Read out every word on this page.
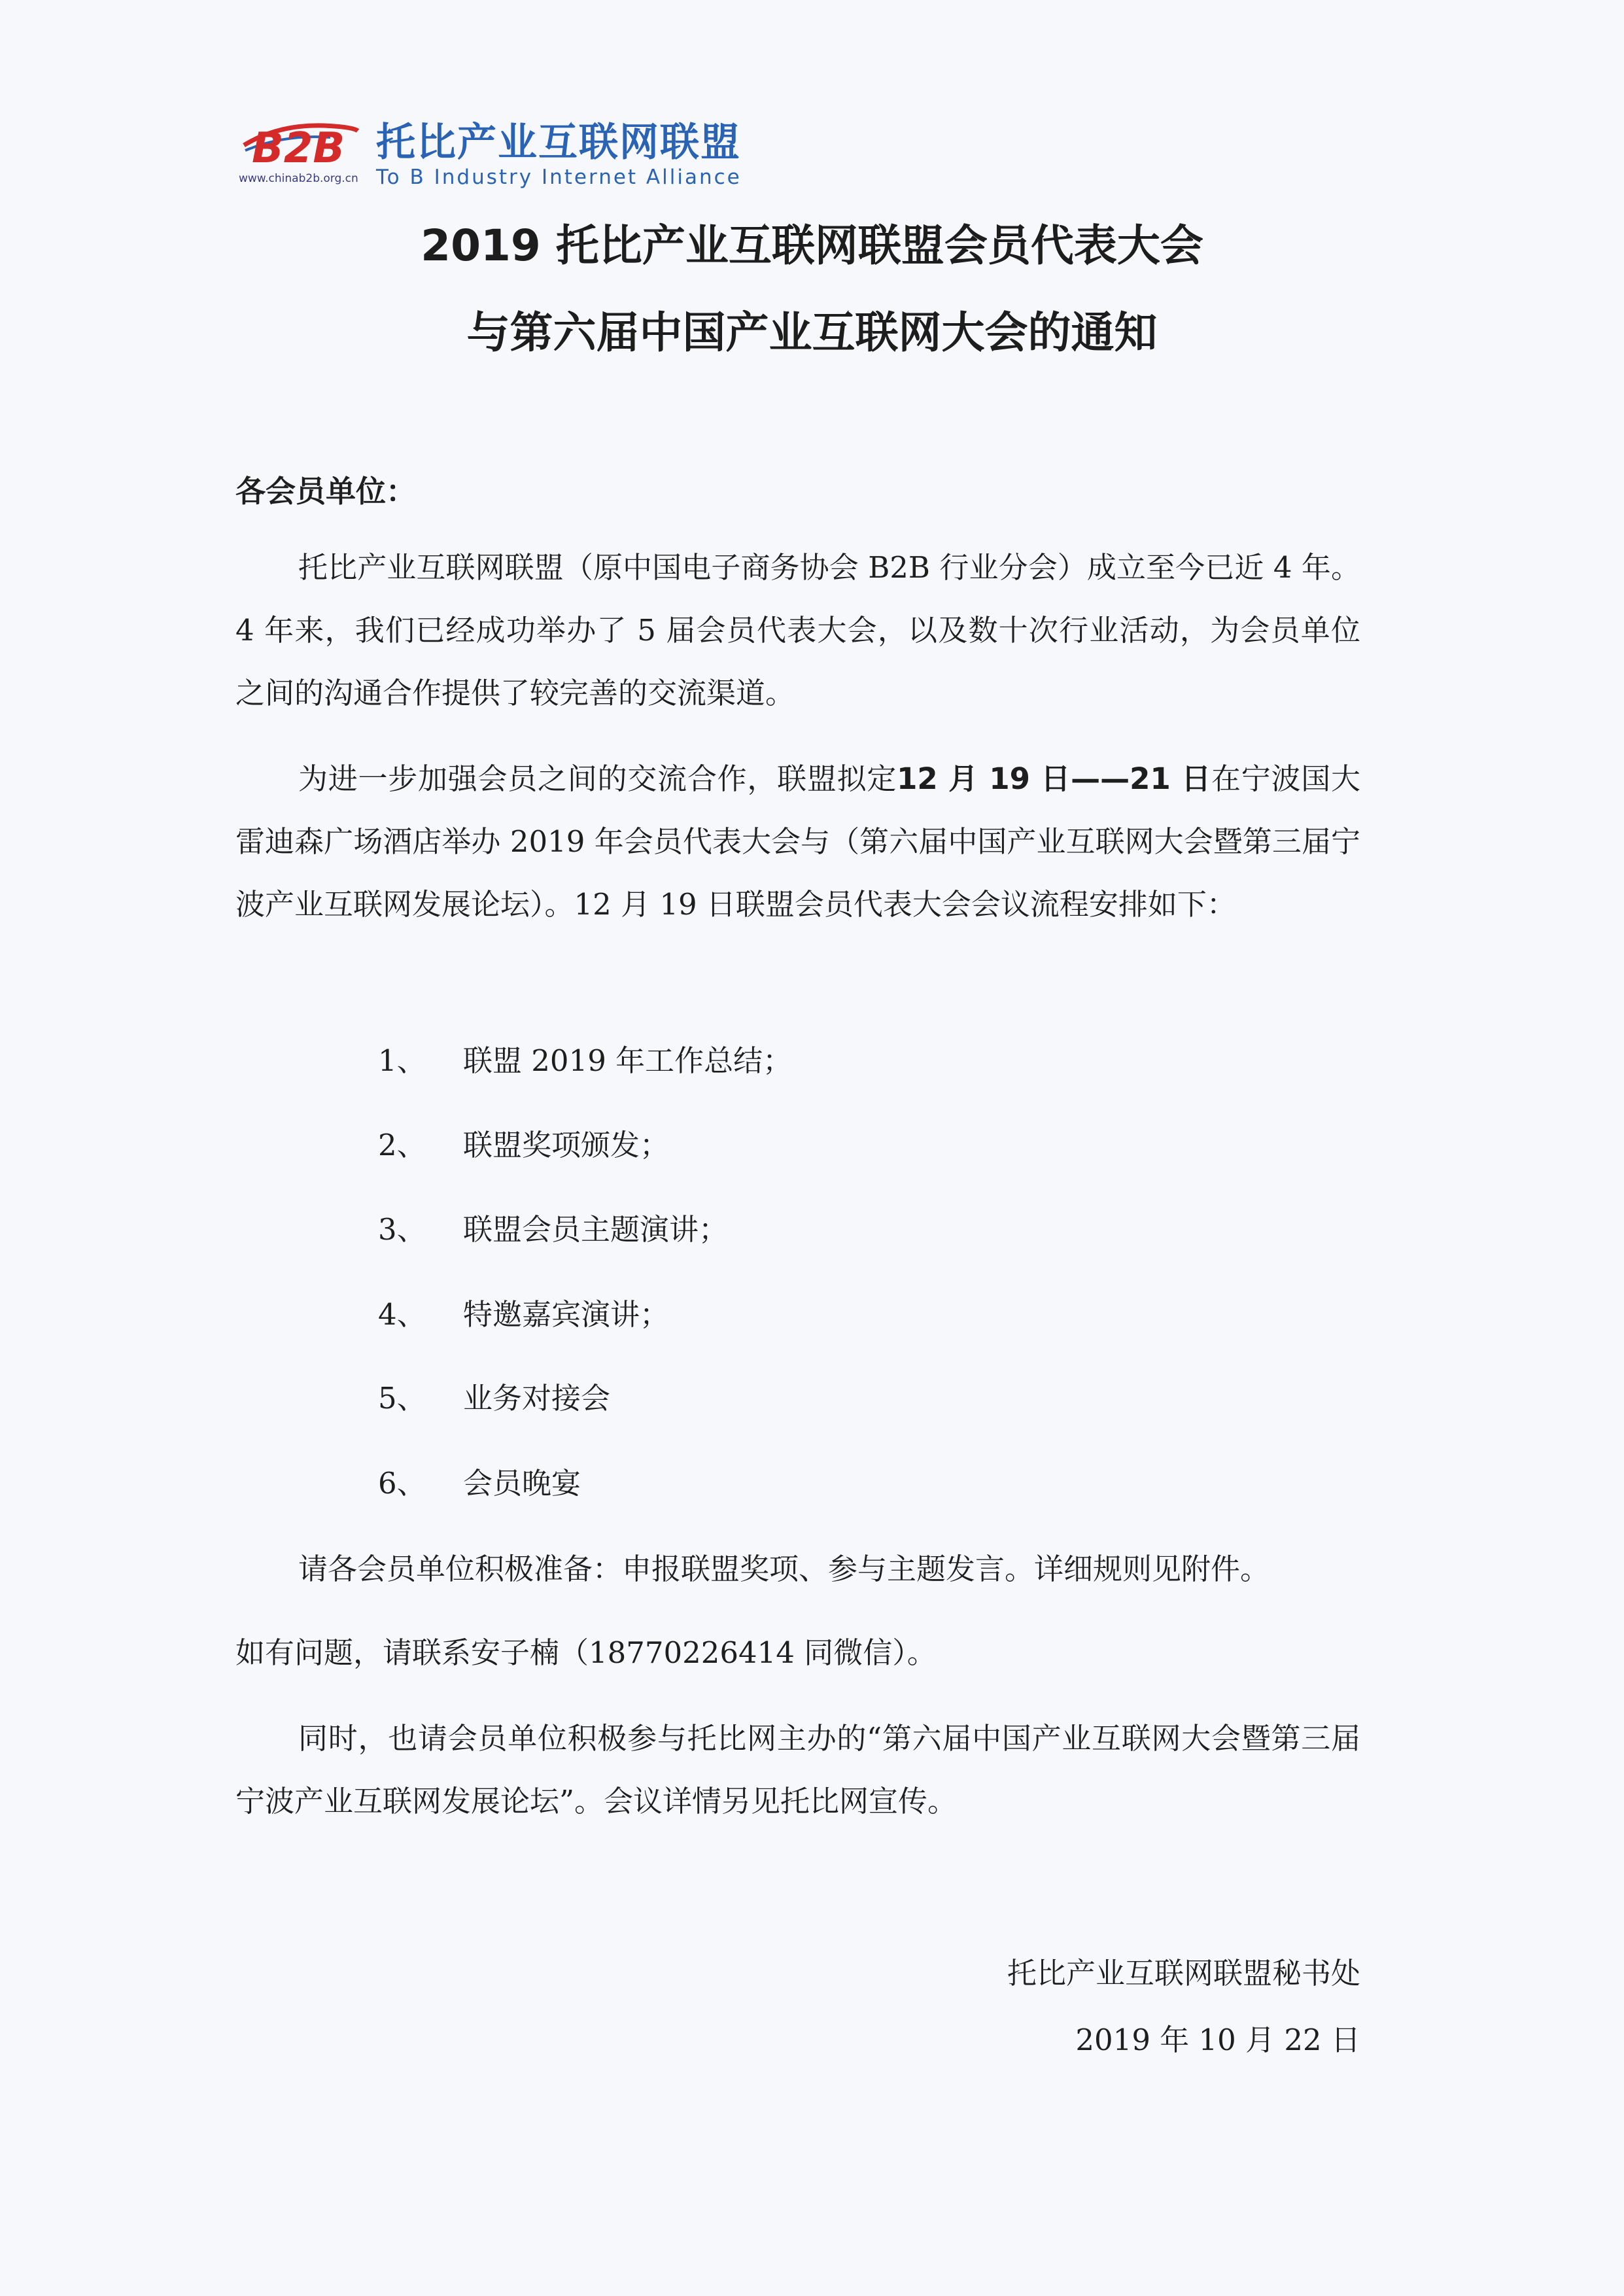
B2B 托比产业互联网联盟
www.chinab2b.org.cn To B Industry Internet Alliance
2019 托比产业互联网联盟会员代表大会
与第六届中国产业互联网大会的通知
各会员单位：
托比产业互联网联盟（原中国电子商务协会 B2B 行业分会）成立至今已近 4 年。4 年来，我们已经成功举办了 5 届会员代表大会，以及数十次行业活动，为会员单位之间的沟通合作提供了较完善的交流渠道。
为进一步加强会员之间的交流合作，联盟拟定12 月 19 日——21 日在宁波国大雷迪森广场酒店举办 2019 年会员代表大会与（第六届中国产业互联网大会暨第三届宁波产业互联网发展论坛）。12 月 19 日联盟会员代表大会会议流程安排如下：
1、 联盟 2019 年工作总结；
2、 联盟奖项颁发；
3、 联盟会员主题演讲；
4、 特邀嘉宾演讲；
5、 业务对接会
6、 会员晚宴
请各会员单位积极准备：申报联盟奖项、参与主题发言。详细规则见附件。
如有问题，请联系安子楠（18770226414 同微信）。
同时，也请会员单位积极参与托比网主办的“第六届中国产业互联网大会暨第三届宁波产业互联网发展论坛”。会议详情另见托比网宣传。
托比产业互联网联盟秘书处
2019 年 10 月 22 日
